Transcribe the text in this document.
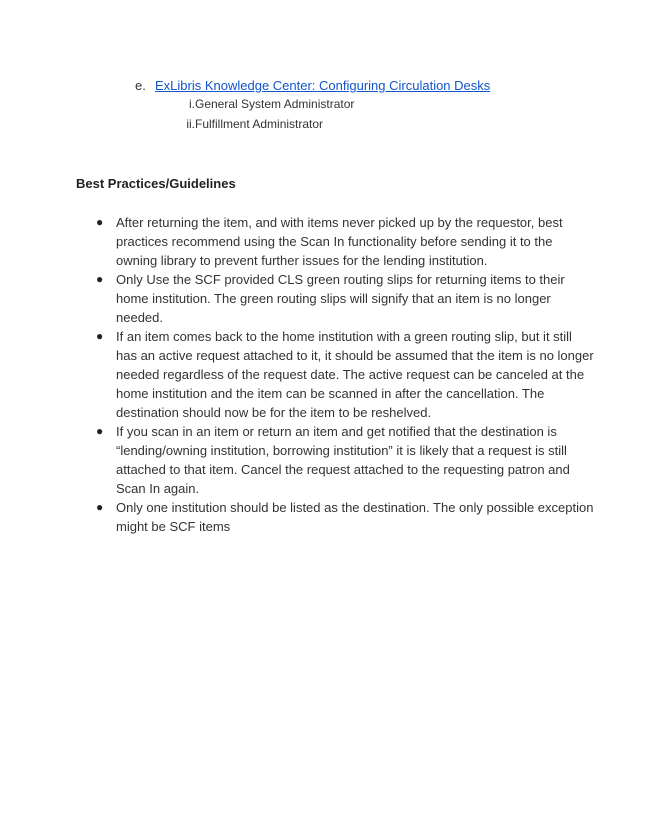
e. ExLibris Knowledge Center: Configuring Circulation Desks
i. General System Administrator
ii. Fulfillment Administrator
Best Practices/Guidelines
● After returning the item, and with items never picked up by the requestor, best practices recommend using the Scan In functionality before sending it to the owning library to prevent further issues for the lending institution.
● Only Use the SCF provided CLS green routing slips for returning items to their home institution. The green routing slips will signify that an item is no longer needed.
● If an item comes back to the home institution with a green routing slip, but it still has an active request attached to it, it should be assumed that the item is no longer needed regardless of the request date. The active request can be canceled at the home institution and the item can be scanned in after the cancellation. The destination should now be for the item to be reshelved.
● If you scan in an item or return an item and get notified that the destination is “lending/owning institution, borrowing institution” it is likely that a request is still attached to that item. Cancel the request attached to the requesting patron and Scan In again.
● Only one institution should be listed as the destination. The only possible exception might be SCF items
